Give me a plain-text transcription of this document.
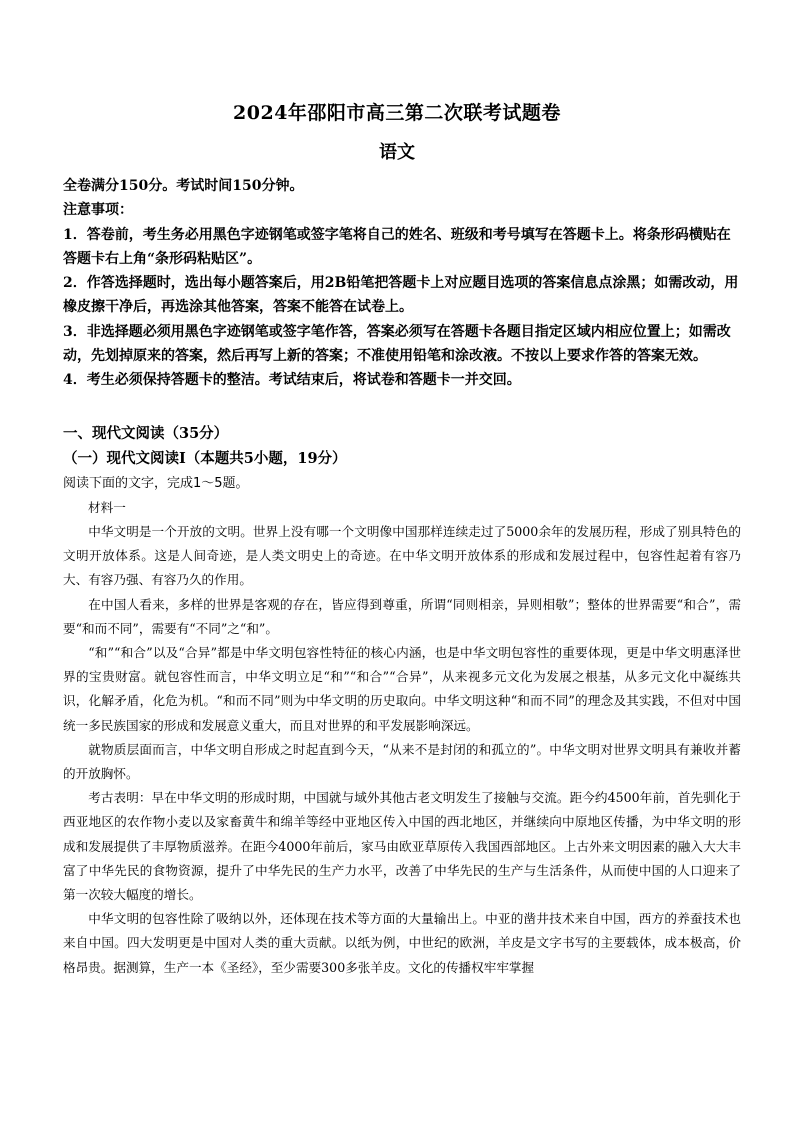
2024年邵阳市高三第二次联考试题卷
语文

全卷满分150分。考试时间150分钟。

注意事项：

1．答卷前，考生务必用黑色字迹钢笔或签字笔将自己的姓名、班级和考号填写在答题卡上。将条形码横贴在答题卡右上角“条形码粘贴区”。

2．作答选择题时，选出每小题答案后，用2B铅笔把答题卡上对应题目选项的答案信息点涂黑；如需改动，用橡皮擦干净后，再选涂其他答案，答案不能答在试卷上。

3．非选择题必须用黑色字迹钢笔或签字笔作答，答案必须写在答题卡各题目指定区域内相应位置上；如需改动，先划掉原来的答案，然后再写上新的答案；不准使用铅笔和涂改液。不按以上要求作答的答案无效。

4．考生必须保持答题卡的整洁。考试结束后，将试卷和答题卡一并交回。

一、现代文阅读（35分）
（一）现代文阅读Ⅰ（本题共5小题，19分）
阅读下面的文字，完成1～5题。
材料一

中华文明是一个开放的文明。世界上没有哪一个文明像中国那样连续走过了5000余年的发展历程，形成了别具特色的文明开放体系。这是人间奇迹，是人类文明史上的奇迹。在中华文明开放体系的形成和发展过程中，包容性起着有容乃大、有容乃强、有容乃久的作用。

在中国人看来，多样的世界是客观的存在，皆应得到尊重，所谓“同则相亲，异则相敬”；整体的世界需要“和合”，需要“和而不同”，需要有“不同”之“和”。

“和”“和合”以及“合异”都是中华文明包容性特征的核心内涵，也是中华文明包容性的重要体现，更是中华文明惠泽世界的宝贵财富。就包容性而言，中华文明立足“和”“和合”“合异”，从来视多元文化为发展之根基，从多元文化中凝练共识，化解矛盾，化危为机。“和而不同”则为中华文明的历史取向。中华文明这种“和而不同”的理念及其实践，不但对中国统一多民族国家的形成和发展意义重大，而且对世界的和平发展影响深远。

就物质层面而言，中华文明自形成之时起直到今天，“从来不是封闭的和孤立的”。中华文明对世界文明具有兼收并蓄的开放胸怀。

考古表明：早在中华文明的形成时期，中国就与域外其他古老文明发生了接触与交流。距今约4500年前，首先驯化于西亚地区的农作物小麦以及家畜黄牛和绵羊等经中亚地区传入中国的西北地区，并继续向中原地区传播，为中华文明的形成和发展提供了丰厚物质滋养。在距今4000年前后，家马由欧亚草原传入我国西部地区。上古外来文明因素的融入大大丰富了中华先民的食物资源，提升了中华先民的生产力水平，改善了中华先民的生产与生活条件，从而使中国的人口迎来了第一次较大幅度的增长。

中华文明的包容性除了吸纳以外，还体现在技术等方面的大量输出上。中亚的凿井技术来自中国，西方的养蚕技术也来自中国。四大发明更是中国对人类的重大贡献。以纸为例，中世纪的欧洲，羊皮是文字书写的主要载体，成本极高，价格昂贵。据测算，生产一本《圣经》，至少需要300多张羊皮。文化的传播权牢牢掌握
